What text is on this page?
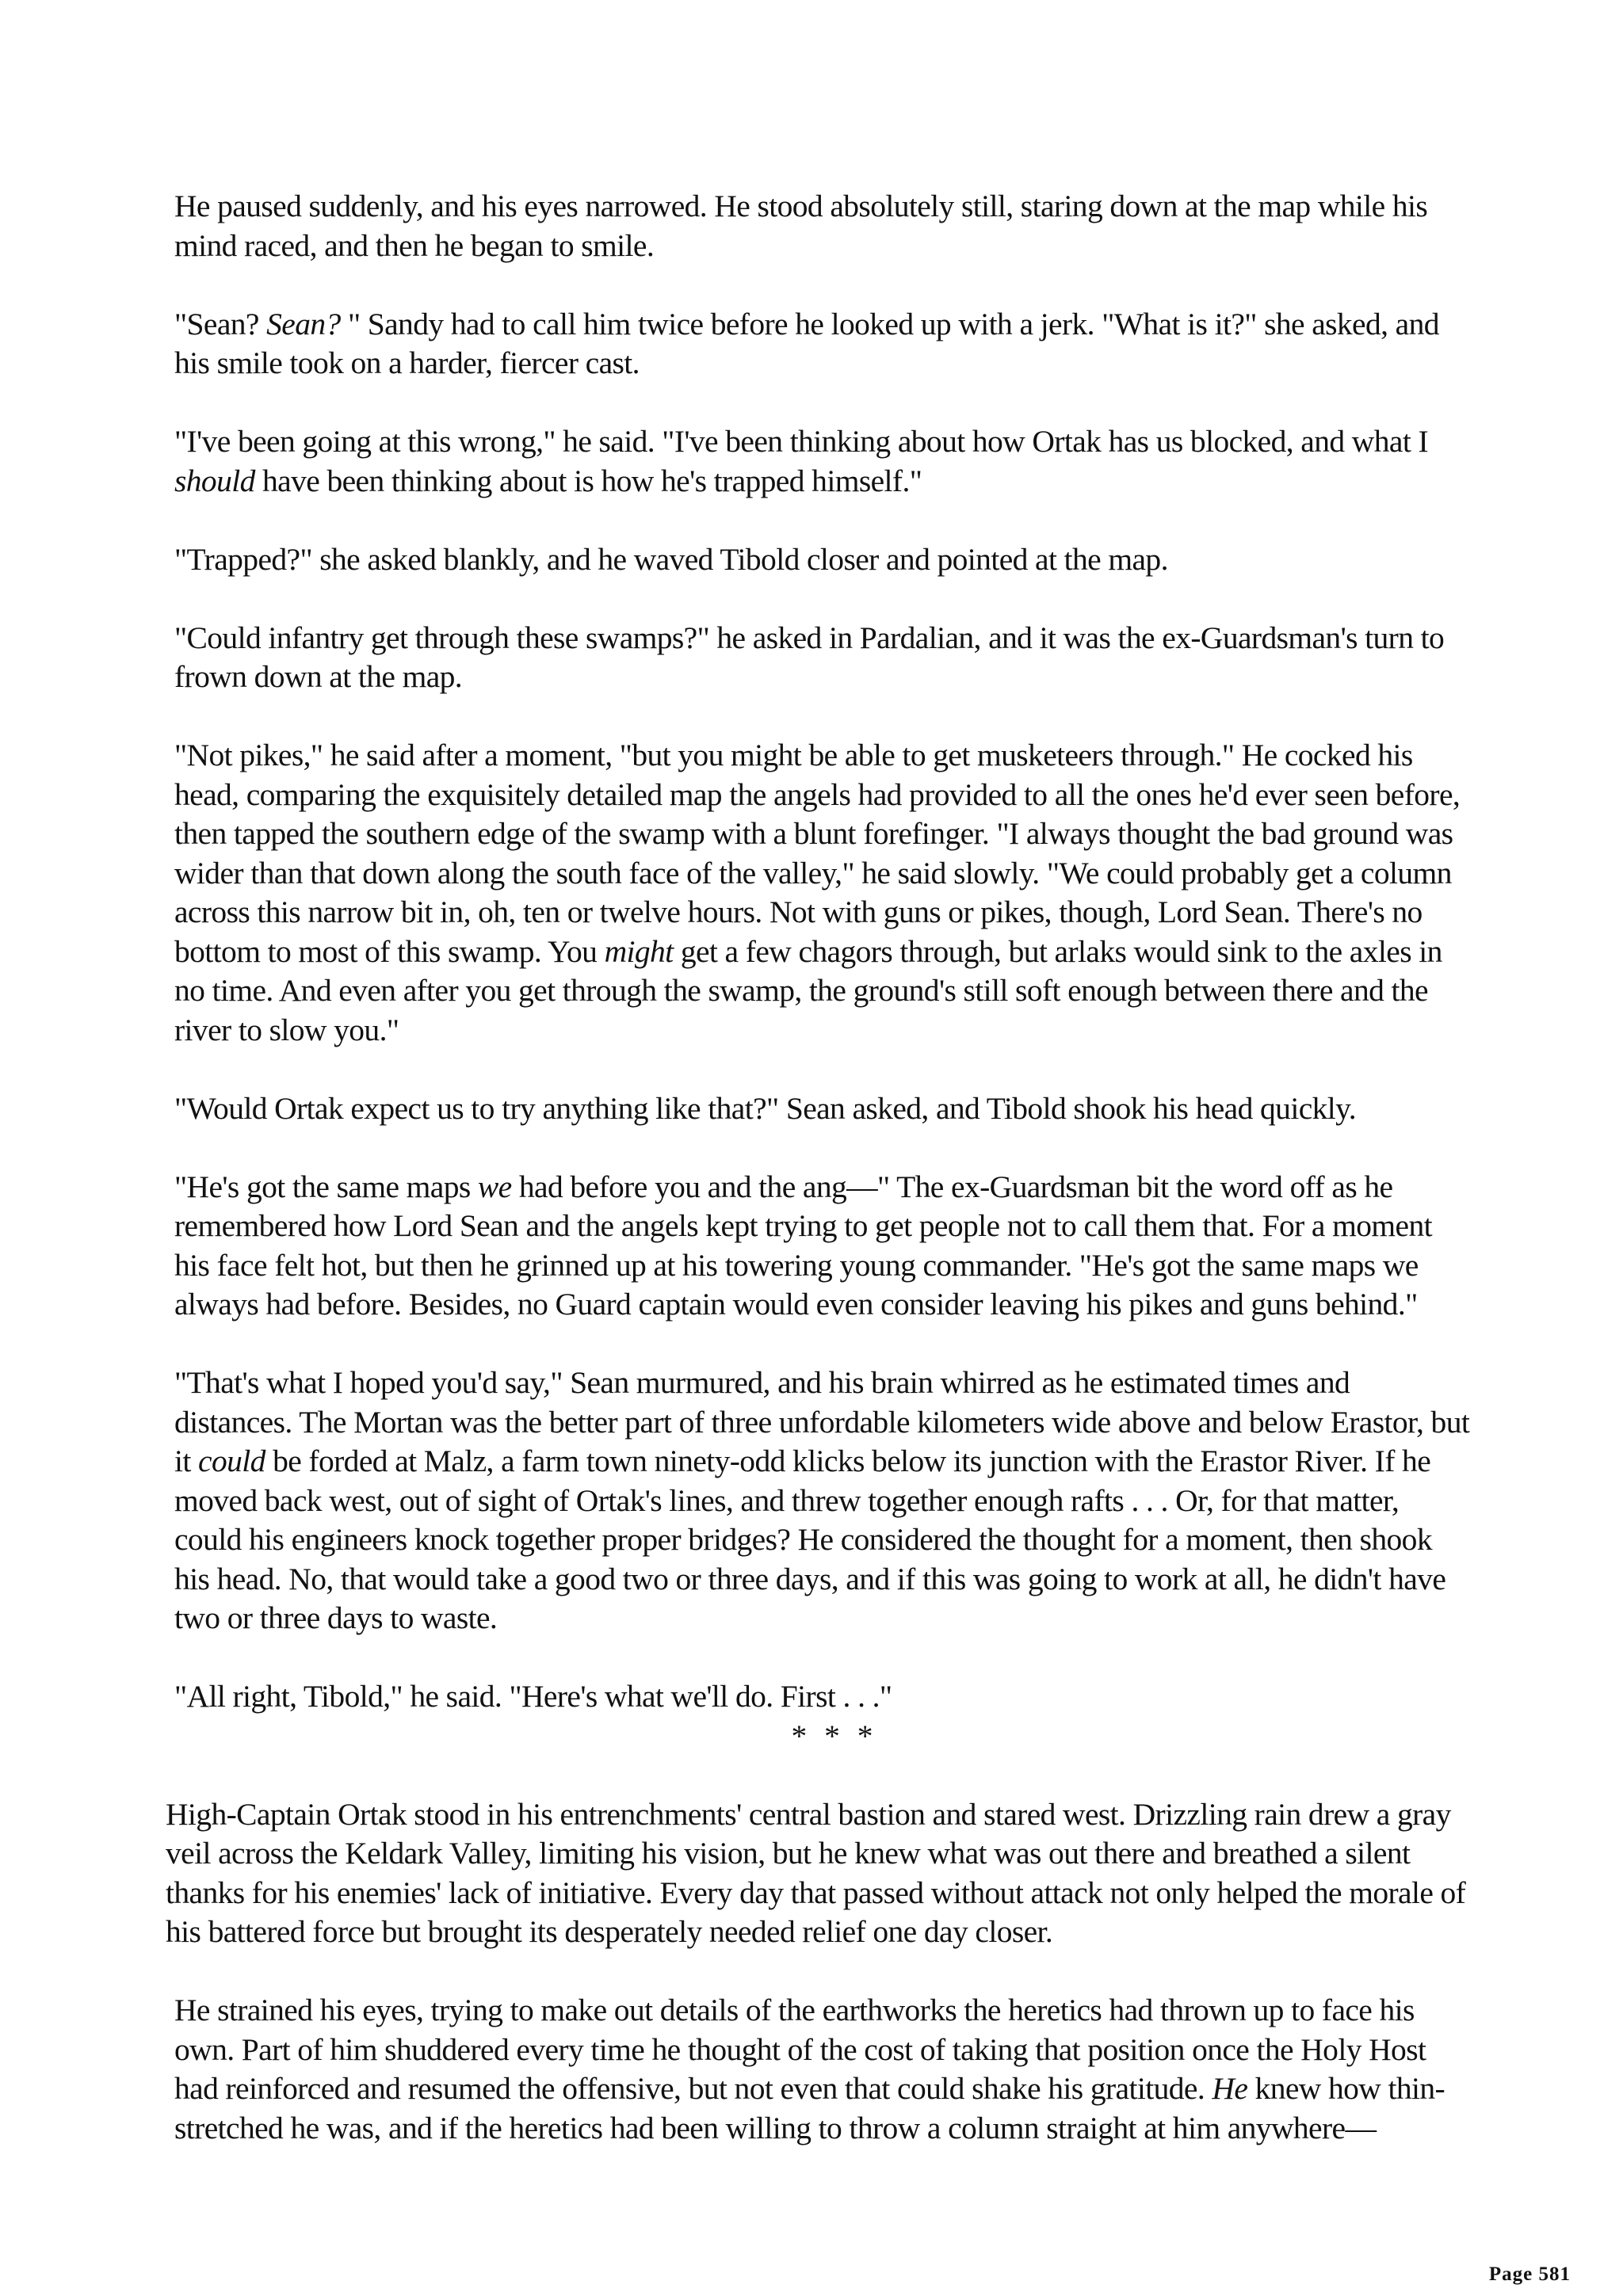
He paused suddenly, and his eyes narrowed. He stood absolutely still, staring down at the map while his mind raced, and then he began to smile.

"Sean? Sean? " Sandy had to call him twice before he looked up with a jerk. "What is it?" she asked, and his smile took on a harder, fiercer cast.

"I've been going at this wrong," he said. "I've been thinking about how Ortak has us blocked, and what I should have been thinking about is how he's trapped himself."

"Trapped?" she asked blankly, and he waved Tibold closer and pointed at the map.

"Could infantry get through these swamps?" he asked in Pardalian, and it was the ex-Guardsman's turn to frown down at the map.

"Not pikes," he said after a moment, "but you might be able to get musketeers through." He cocked his head, comparing the exquisitely detailed map the angels had provided to all the ones he'd ever seen before, then tapped the southern edge of the swamp with a blunt forefinger. "I always thought the bad ground was wider than that down along the south face of the valley," he said slowly. "We could probably get a column across this narrow bit in, oh, ten or twelve hours. Not with guns or pikes, though, Lord Sean. There's no bottom to most of this swamp. You might get a few chagors through, but arlaks would sink to the axles in no time. And even after you get through the swamp, the ground's still soft enough between there and the river to slow you."

"Would Ortak expect us to try anything like that?" Sean asked, and Tibold shook his head quickly.

"He's got the same maps we had before you and the ang—" The ex-Guardsman bit the word off as he remembered how Lord Sean and the angels kept trying to get people not to call them that. For a moment his face felt hot, but then he grinned up at his towering young commander. "He's got the same maps we always had before. Besides, no Guard captain would even consider leaving his pikes and guns behind."

"That's what I hoped you'd say," Sean murmured, and his brain whirred as he estimated times and distances. The Mortan was the better part of three unfordable kilometers wide above and below Erastor, but it could be forded at Malz, a farm town ninety-odd klicks below its junction with the Erastor River. If he moved back west, out of sight of Ortak's lines, and threw together enough rafts . . . Or, for that matter, could his engineers knock together proper bridges? He considered the thought for a moment, then shook his head. No, that would take a good two or three days, and if this was going to work at all, he didn't have two or three days to waste.

"All right, Tibold," he said. "Here's what we'll do. First . . ."

* * *

High-Captain Ortak stood in his entrenchments' central bastion and stared west. Drizzling rain drew a gray veil across the Keldark Valley, limiting his vision, but he knew what was out there and breathed a silent thanks for his enemies' lack of initiative. Every day that passed without attack not only helped the morale of his battered force but brought its desperately needed relief one day closer.

He strained his eyes, trying to make out details of the earthworks the heretics had thrown up to face his own. Part of him shuddered every time he thought of the cost of taking that position once the Holy Host had reinforced and resumed the offensive, but not even that could shake his gratitude. He knew how thin-stretched he was, and if the heretics had been willing to throw a column straight at him anywhere—

Page 581
